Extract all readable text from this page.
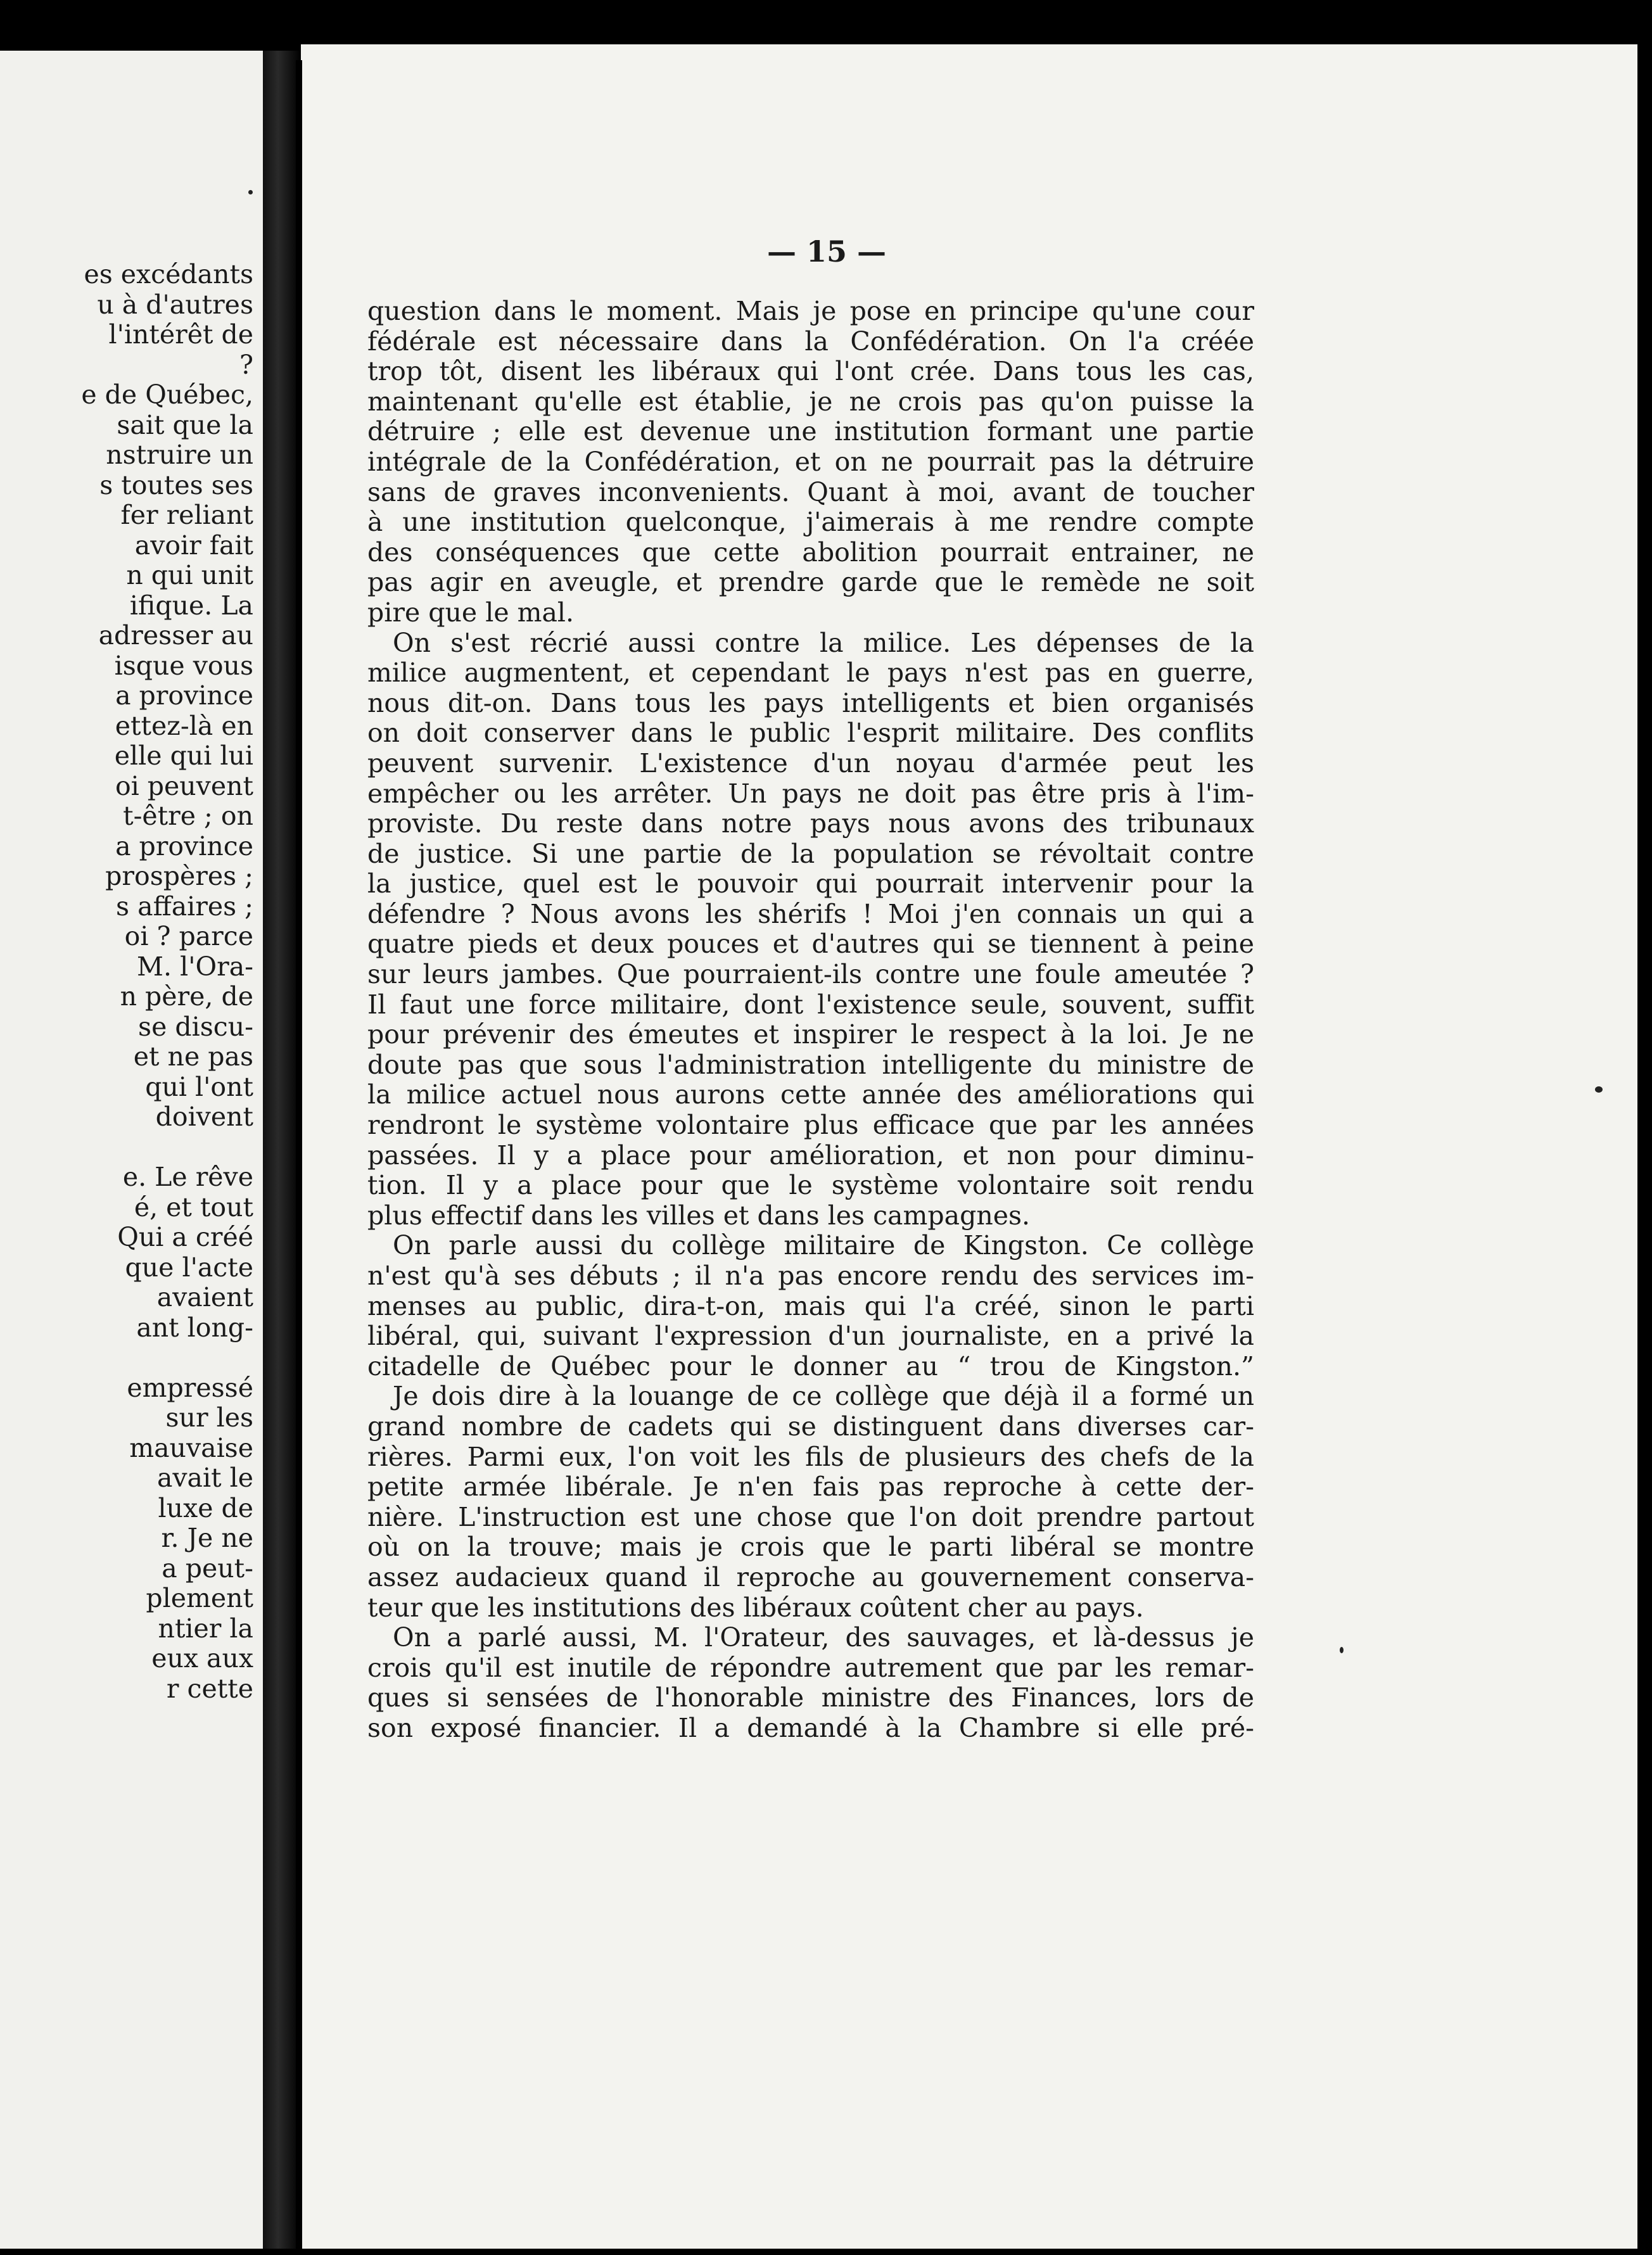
es excédants
u à d'autres
l'intérêt de
?
e de Québec,
sait que la
nstruire un
s toutes ses
fer reliant
avoir fait
n qui unit
ifique. La
adresser au
isque vous
a province
ettez-là en
elle qui lui
oi peuvent
t-être ; on
a province
prospères ;
s affaires ;
oi ? parce
M. l'Ora-
n père, de
se discu-
et ne pas
qui l'ont
doivent
e. Le rêve
é, et tout
Qui a créé
que l'acte
avaient
ant long-
empressé
sur les
mauvaise
avait le
luxe de
r. Je ne
a peut-
plement
ntier la
eux aux
r cette
— 15 —
question dans le moment. Mais je pose en principe qu'une cour
fédérale est nécessaire dans la Confédération. On l'a créée
trop tôt, disent les libéraux qui l'ont crée. Dans tous les cas,
maintenant qu'elle est établie, je ne crois pas qu'on puisse la
détruire ; elle est devenue une institution formant une partie
intégrale de la Confédération, et on ne pourrait pas la détruire
sans de graves inconvenients. Quant à moi, avant de toucher
à une institution quelconque, j'aimerais à me rendre compte
des conséquences que cette abolition pourrait entrainer, ne
pas agir en aveugle, et prendre garde que le remède ne soit
pire que le mal.
On s'est récrié aussi contre la milice. Les dépenses de la
milice augmentent, et cependant le pays n'est pas en guerre,
nous dit-on. Dans tous les pays intelligents et bien organisés
on doit conserver dans le public l'esprit militaire. Des conflits
peuvent survenir. L'existence d'un noyau d'armée peut les
empêcher ou les arrêter. Un pays ne doit pas être pris à l'im-
proviste. Du reste dans notre pays nous avons des tribunaux
de justice. Si une partie de la population se révoltait contre
la justice, quel est le pouvoir qui pourrait intervenir pour la
défendre ? Nous avons les shérifs ! Moi j'en connais un qui a
quatre pieds et deux pouces et d'autres qui se tiennent à peine
sur leurs jambes. Que pourraient-ils contre une foule ameutée ?
Il faut une force militaire, dont l'existence seule, souvent, suffit
pour prévenir des émeutes et inspirer le respect à la loi. Je ne
doute pas que sous l'administration intelligente du ministre de
la milice actuel nous aurons cette année des améliorations qui
rendront le système volontaire plus efficace que par les années
passées. Il y a place pour amélioration, et non pour diminu-
tion. Il y a place pour que le système volontaire soit rendu
plus effectif dans les villes et dans les campagnes.
On parle aussi du collège militaire de Kingston. Ce collège
n'est qu'à ses débuts ; il n'a pas encore rendu des services im-
menses au public, dira-t-on, mais qui l'a créé, sinon le parti
libéral, qui, suivant l'expression d'un journaliste, en a privé la
citadelle de Québec pour le donner au “ trou de Kingston.”
Je dois dire à la louange de ce collège que déjà il a formé un
grand nombre de cadets qui se distinguent dans diverses car-
rières. Parmi eux, l'on voit les fils de plusieurs des chefs de la
petite armée libérale. Je n'en fais pas reproche à cette der-
nière. L'instruction est une chose que l'on doit prendre partout
où on la trouve; mais je crois que le parti libéral se montre
assez audacieux quand il reproche au gouvernement conserva-
teur que les institutions des libéraux coûtent cher au pays.
On a parlé aussi, M. l'Orateur, des sauvages, et là-dessus je
crois qu'il est inutile de répondre autrement que par les remar-
ques si sensées de l'honorable ministre des Finances, lors de
son exposé financier. Il a demandé à la Chambre si elle pré-
